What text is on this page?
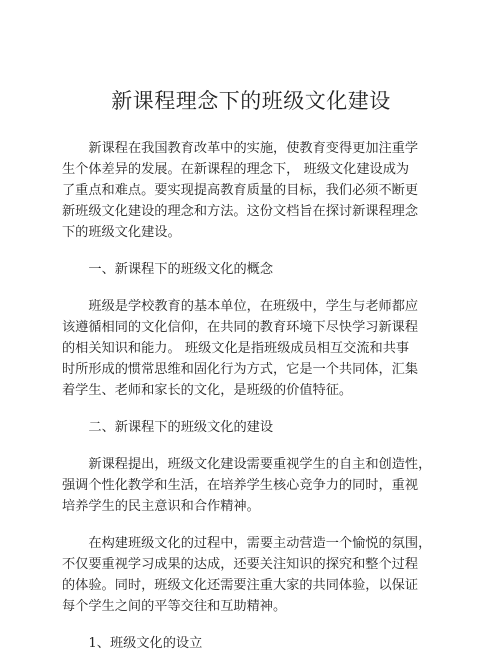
新课程理念下的班级文化建设

新课程在我国教育改革中的实施，使教育变得更加注重学
生个体差异的发展。在新课程的理念下， 班级文化建设成为
了重点和难点。要实现提高教育质量的目标，我们必须不断更
新班级文化建设的理念和方法。这份文档旨在探讨新课程理念
下的班级文化建设。

一、新课程下的班级文化的概念

班级是学校教育的基本单位，在班级中，学生与老师都应
该遵循相同的文化信仰，在共同的教育环境下尽快学习新课程
的相关知识和能力。 班级文化是指班级成员相互交流和共事
时所形成的惯常思维和固化行为方式，它是一个共同体，汇集
着学生、老师和家长的文化，是班级的价值特征。

二、新课程下的班级文化的建设

新课程提出，班级文化建设需要重视学生的自主和创造性，
强调个性化教学和生活，在培养学生核心竞争力的同时，重视
培养学生的民主意识和合作精神。

在构建班级文化的过程中，需要主动营造一个愉悦的氛围，
不仅要重视学习成果的达成，还要关注知识的探究和整个过程
的体验。同时，班级文化还需要注重大家的共同体验，以保证
每个学生之间的平等交往和互助精神。

1、班级文化的设立
